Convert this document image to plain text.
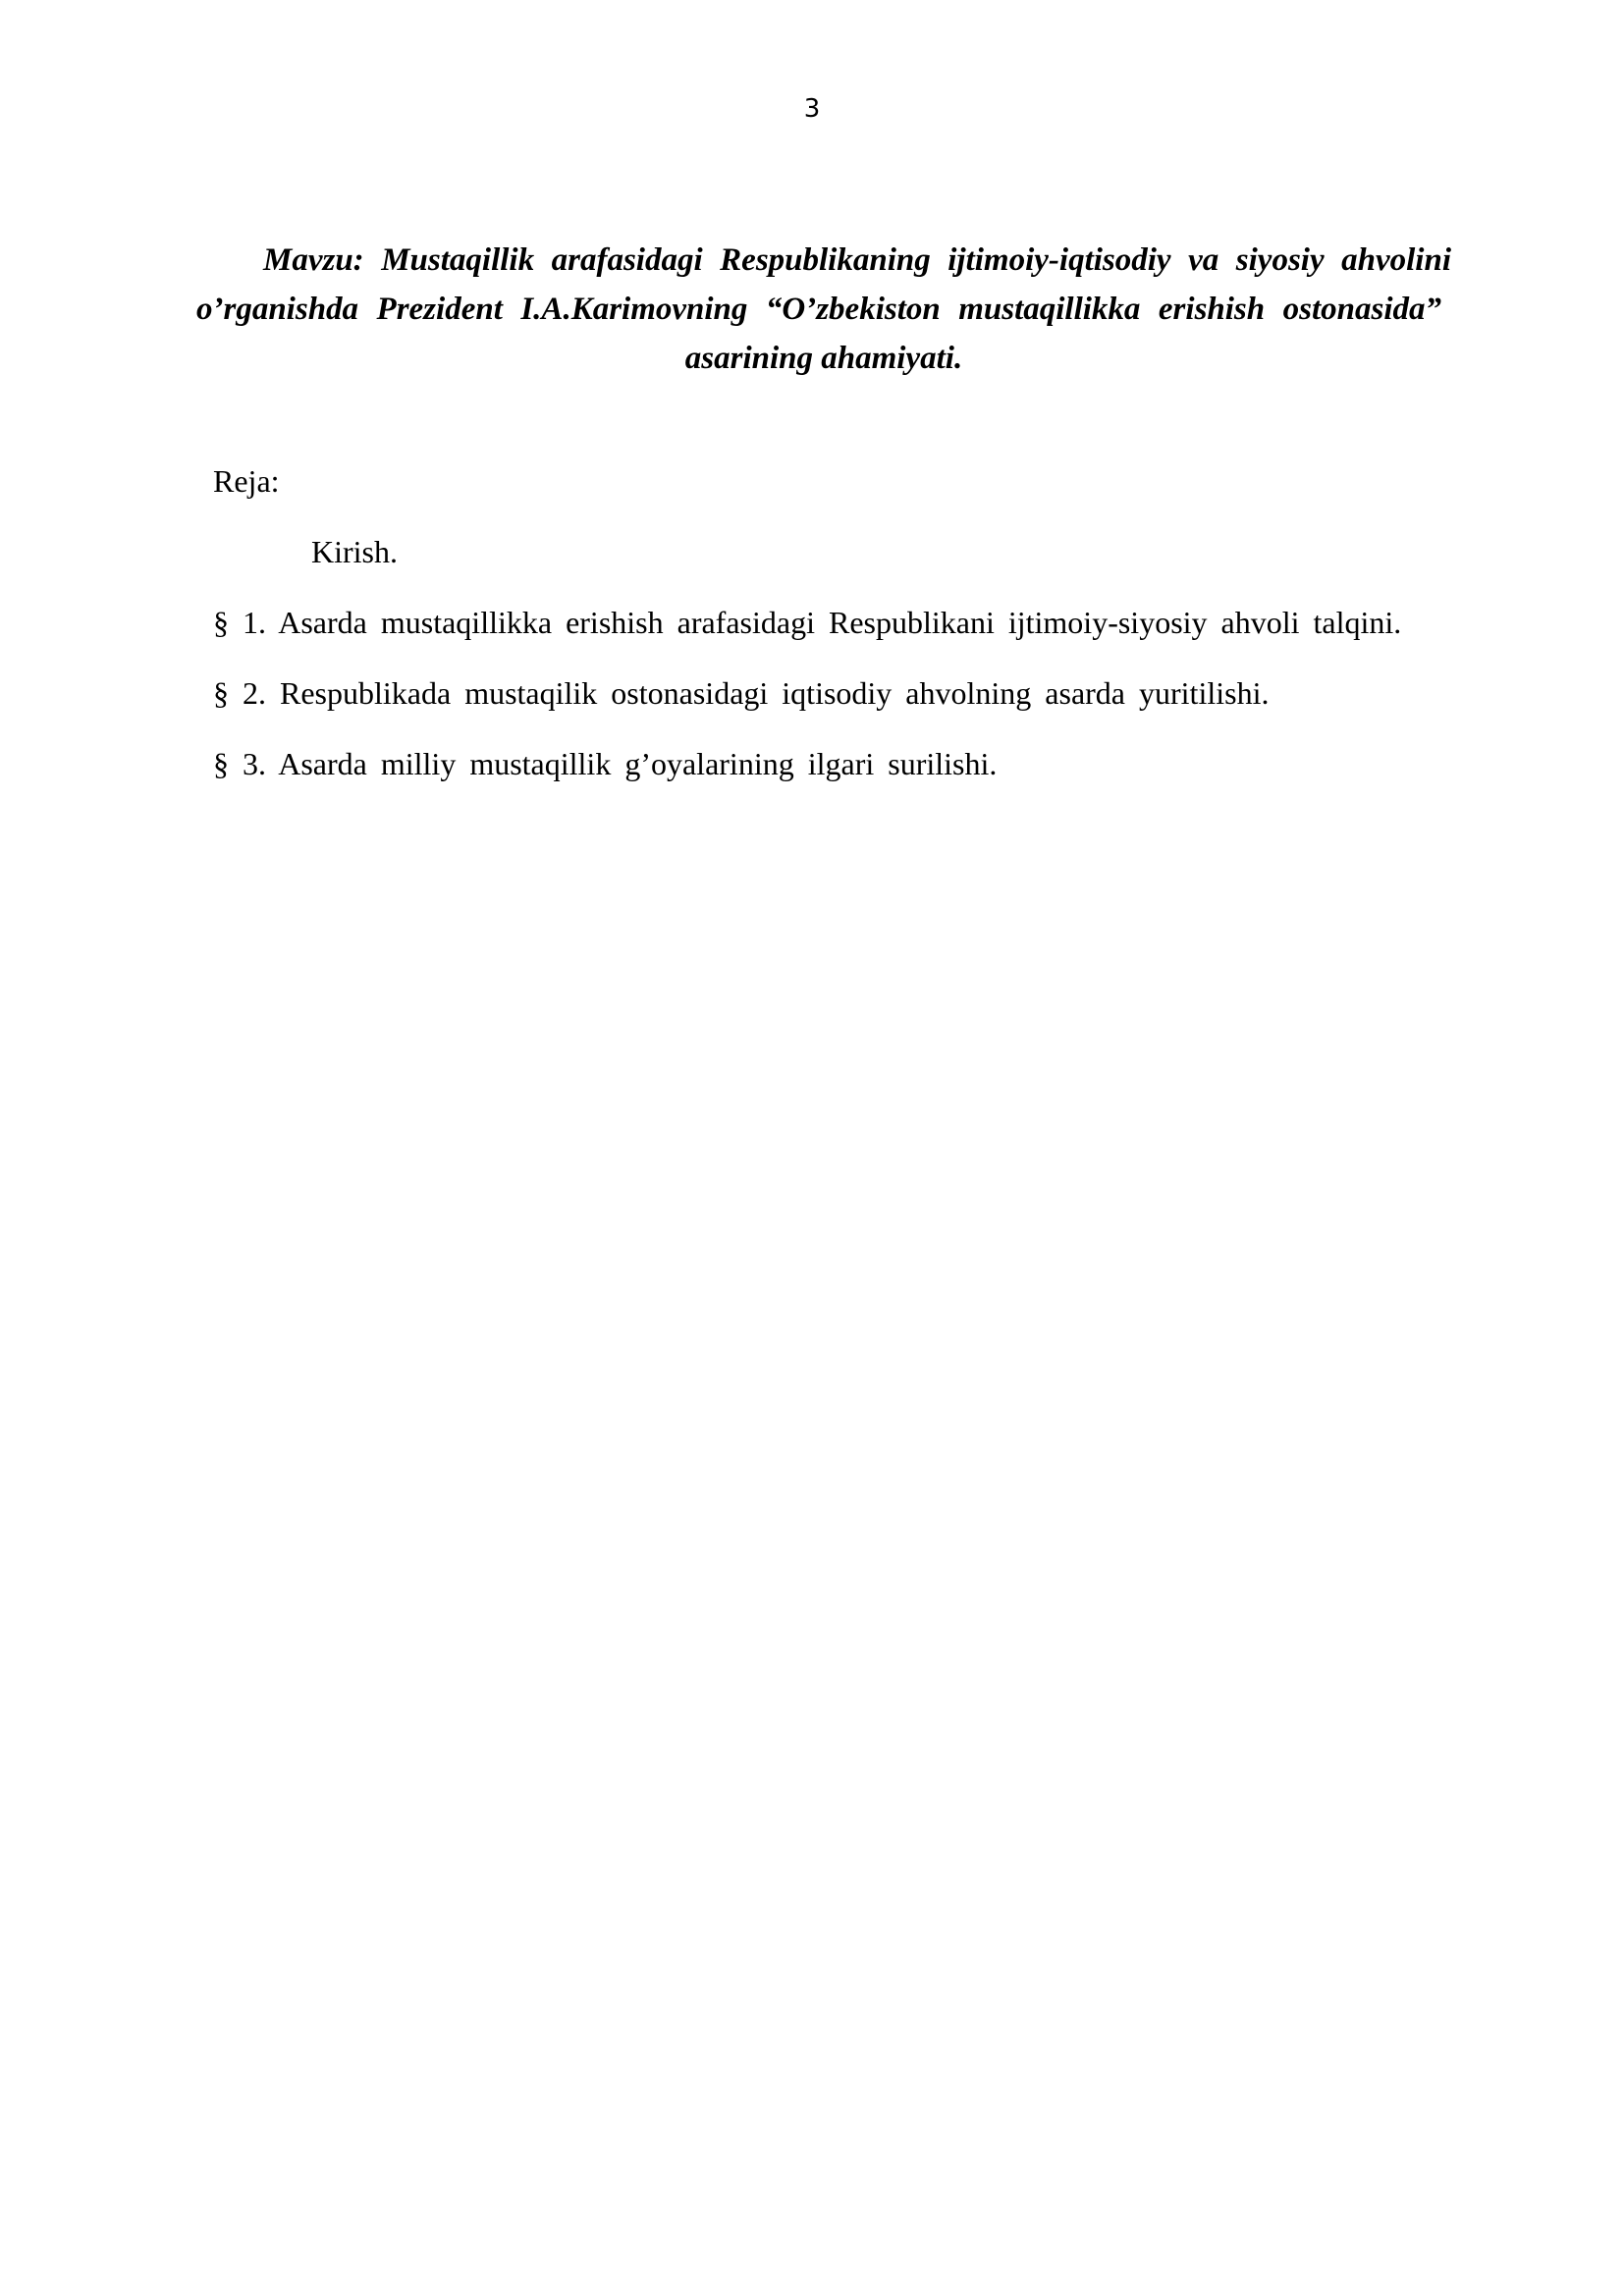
3
Mavzu: Mustaqillik arafasidagi Respublikaning ijtimoiy-iqtisodiy va siyosiy ahvolini
o’rganishda Prezident I.A.Karimovning “O’zbekiston mustaqillikka erishish ostonasida”
asarining ahamiyati.
Reja:
Kirish.
§ 1. Asarda mustaqillikka erishish arafasidagi Respublikani ijtimoiy-siyosiy ahvoli talqini.
§ 2. Respublikada mustaqilik ostonasidagi iqtisodiy ahvolning asarda yuritilishi.
§ 3. Asarda milliy mustaqillik g’oyalarining ilgari surilishi.
